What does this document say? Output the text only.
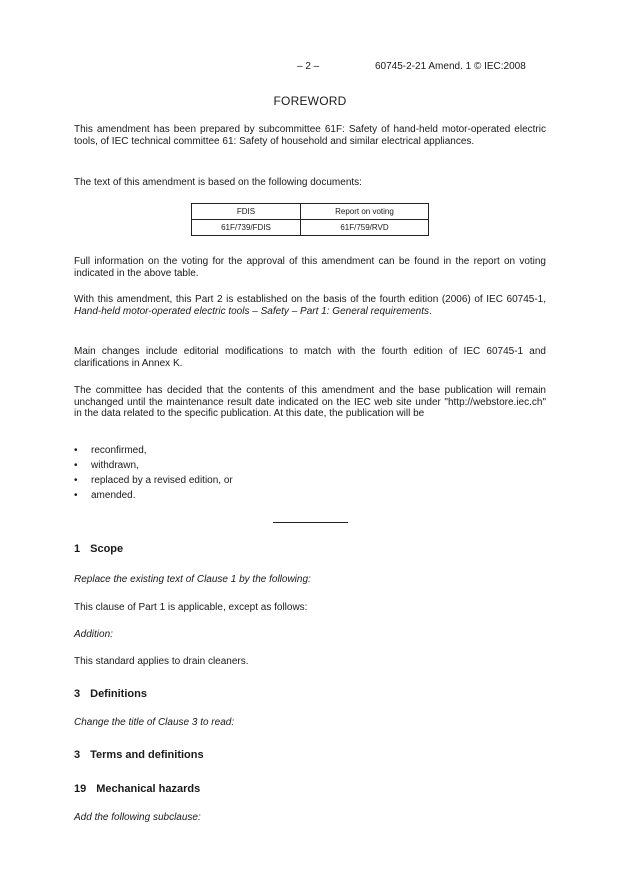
– 2 –	60745-2-21 Amend. 1 © IEC:2008
FOREWORD
This amendment has been prepared by subcommittee 61F: Safety of hand-held motor-operated electric tools, of IEC technical committee 61: Safety of household and similar electrical appliances.
The text of this amendment is based on the following documents:
FDIS	Report on voting
61F/739/FDIS	61F/759/RVD
Full information on the voting for the approval of this amendment can be found in the report on voting indicated in the above table.
With this amendment, this Part 2 is established on the basis of the fourth edition (2006) of IEC 60745-1, Hand-held motor-operated electric tools – Safety – Part 1: General requirements.
Main changes include editorial modifications to match with the fourth edition of IEC 60745-1 and clarifications in Annex K.
The committee has decided that the contents of this amendment and the base publication will remain unchanged until the maintenance result date indicated on the IEC web site under "http://webstore.iec.ch" in the data related to the specific publication. At this date, the publication will be
• reconfirmed,
• withdrawn,
• replaced by a revised edition, or
• amended.
1 Scope
Replace the existing text of Clause 1 by the following:
This clause of Part 1 is applicable, except as follows:
Addition:
This standard applies to drain cleaners.
3 Definitions
Change the title of Clause 3 to read:
3 Terms and definitions
19 Mechanical hazards
Add the following subclause:
